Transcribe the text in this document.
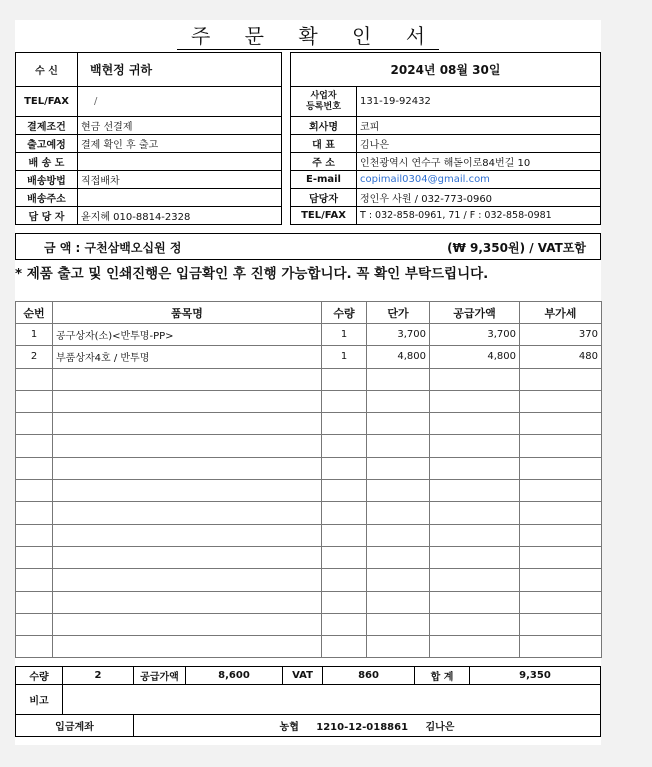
주 문 확 인 서
수 신	백현정 귀하
TEL/FAX	/
결제조건	현금 선결제
출고예정	결제 확인 후 출고
배 송 도	
배송방법	직접배차
배송주소	
담 당 자	윤지혜 010-8814-2328
2024년 08월 30일	

사업자
등록번호	131-19-92432
회사명	코피
대 표	김나은
주 소	인천광역시 연수구 해돋이로84번길 10
E-mail	copimail0304@gmail.com
담당자	정인우 사원 / 032-773-0960
TEL/FAX	T : 032-858-0961, 71 / F : 032-858-0981
금 액 : 구천삼백오십원 정	(₩ 9,350원) / VAT포함
* 제품 출고 및 인쇄진행은 입금확인 후 진행 가능합니다. 꼭 확인 부탁드립니다.
순번	품목명	수량	단가	공급가액	부가세
1	공구상자(소)<반투명-PP>	1	3,700	3,700	370
2	부품상자4호 / 반투명	1	4,800	4,800	480

수량	2	공급가액	8,600	VAT	860	합 계	9,350
비고							
입금계좌		농협     1210-12-018861     김나은					
